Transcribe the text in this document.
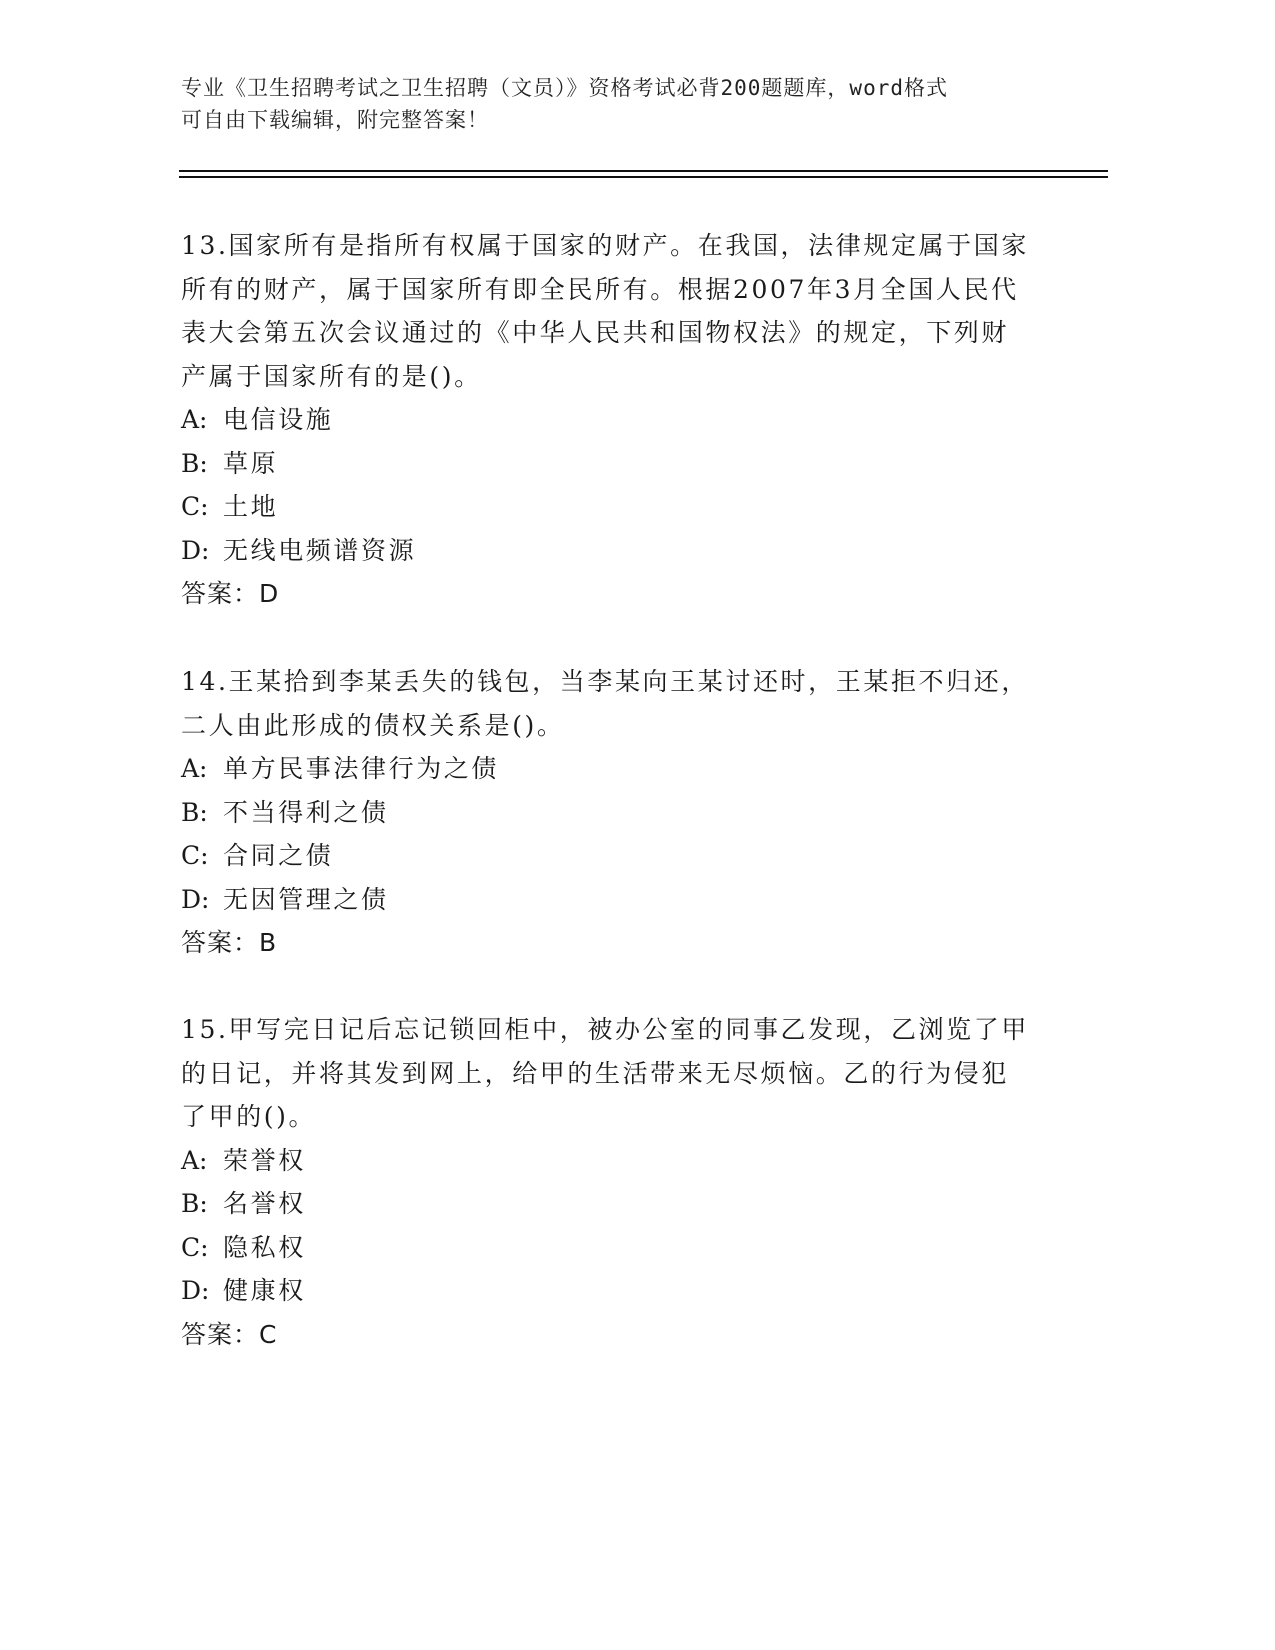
专业《卫生招聘考试之卫生招聘（文员）》资格考试必背200题题库，word格式
可自由下载编辑，附完整答案！
13.国家所有是指所有权属于国家的财产。在我国，法律规定属于国家
所有的财产，属于国家所有即全民所有。根据2007年3月全国人民代
表大会第五次会议通过的《中华人民共和国物权法》的规定，下列财
产属于国家所有的是()。
A: 电信设施
B: 草原
C: 土地
D: 无线电频谱资源
答案：D
14.王某拾到李某丢失的钱包，当李某向王某讨还时，王某拒不归还，
二人由此形成的债权关系是()。
A: 单方民事法律行为之债
B: 不当得利之债
C: 合同之债
D: 无因管理之债
答案：B
15.甲写完日记后忘记锁回柜中，被办公室的同事乙发现，乙浏览了甲
的日记，并将其发到网上，给甲的生活带来无尽烦恼。乙的行为侵犯
了甲的()。
A: 荣誉权
B: 名誉权
C: 隐私权
D: 健康权
答案：C
